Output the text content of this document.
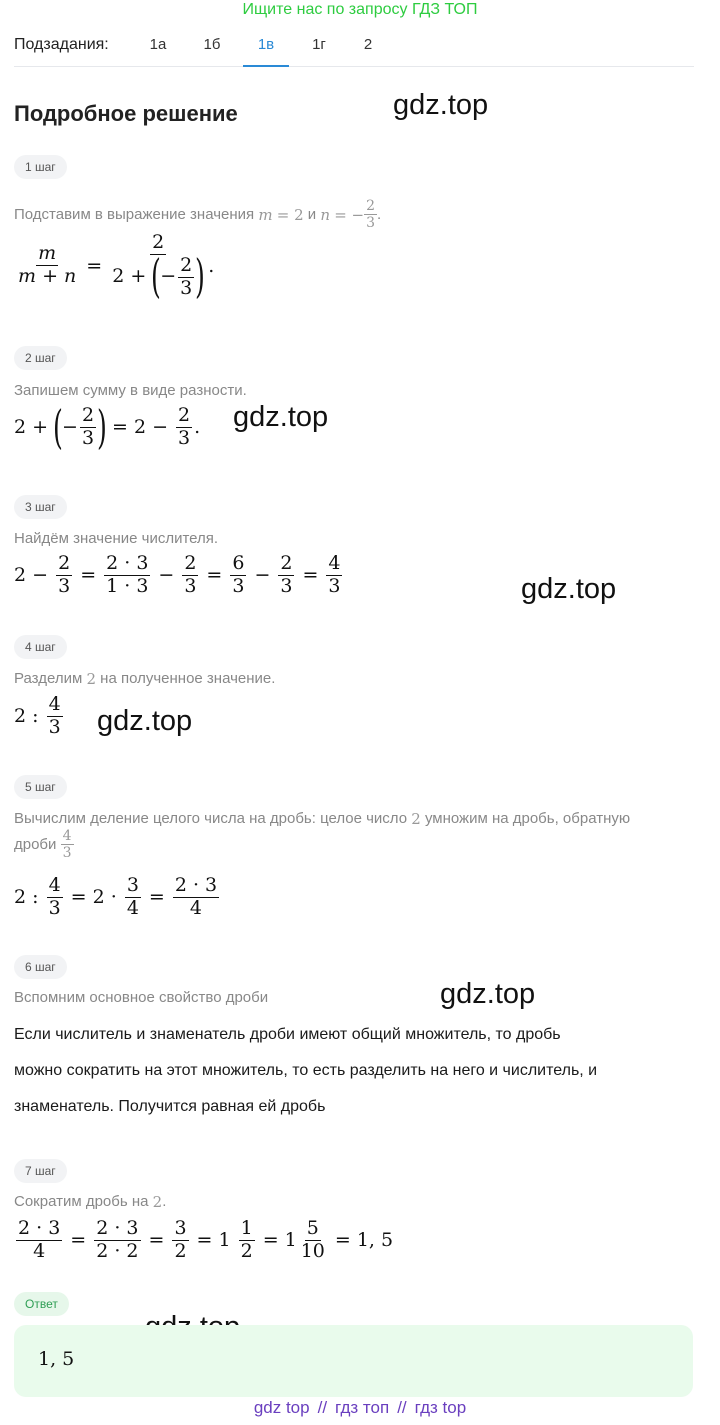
Ищите нас по запросу ГДЗ ТОП
Подзадания:	1а	1б	1в	1г	2
Подробное решение	gdz.top
gdz.top
gdz.top
gdz.top
gdz.top
1 шаг
Подставим в выражение значения
m
= 2
и
n
= − $\frac{2}{3}$ .
$\frac{m}{m + n} = \frac{2}{2 + ( - \frac{2}{3} )}$ .
2 шаг
Запишем сумму в виде разности.
2 + ( − $\frac{2}{3}$ ) = $2 - \frac{2}{3}$ .
3 шаг
Найдём значение числителя.
$2 - \frac{2}{3} = \frac{2 \cdot 3}{1 \cdot 3} - \frac{2}{3} = \frac{6}{3} - \frac{2}{3} = \frac{4}{3}$
4 шаг
Разделим
2
на полученное значение.
2 : $\frac{4}{3}$
5 шаг
Вычислим деление целого числа на дробь: целое число
2
умножим на дробь, обратную
дроби
4
3
2 : $\frac{4}{3} = 2 \cdot \frac{3}{4} = \frac{2 \cdot 3}{4}$
6 шаг
Вспомним основное свойство дроби
Если числитель и знаменатель дроби имеют общий множитель, то дробь
можно сократить на этот множитель, то есть разделить на него и числитель, и
знаменатель. Получится равная ей дробь
7 шаг
Сократим дробь на
2 .
$\frac{2 \cdot 3}{4} = \frac{2 \cdot 3}{2 \cdot 2} = \frac{3}{2} = 1 \frac{1}{2} = 1 \frac{5}{10} = 1$, 5
Ответ
1, 5
gdz top // гдз топ // гдз top
